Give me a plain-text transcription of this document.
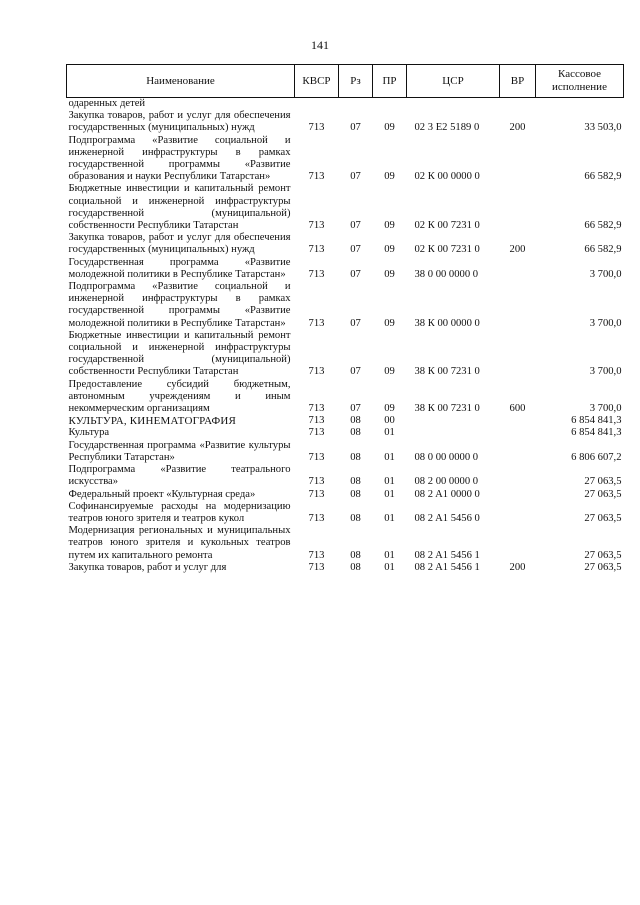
141
Наименование	КВСР	Рз	ПР	ЦСР	ВР	Кассовое исполнение
одаренных детей						
Закупка товаров, работ и услуг для обеспечения государственных (муниципальных) нужд	713	07	09	02 3 Е2 5189 0	200	33 503,0
Подпрограмма «Развитие социальной и инженерной инфраструктуры в рамках государственной программы «Развитие образования и науки Республики Татарстан»	713	07	09	02 К 00 0000 0		66 582,9
Бюджетные инвестиции и капитальный ремонт социальной и инженерной инфраструктуры государственной (муниципальной) собственности Республики Татарстан	713	07	09	02 К 00 7231 0		66 582,9
Закупка товаров, работ и услуг для обеспечения государственных (муниципальных) нужд	713	07	09	02 К 00 7231 0	200	66 582,9
Государственная программа «Развитие молодежной политики в Республике Татарстан»	713	07	09	38 0 00 0000 0		3 700,0
Подпрограмма «Развитие социальной и инженерной инфраструктуры в рамках государственной программы «Развитие молодежной политики в Республике Татарстан»	713	07	09	38 К 00 0000 0		3 700,0
Бюджетные инвестиции и капитальный ремонт социальной и инженерной инфраструктуры государственной (муниципальной) собственности Республики Татарстан	713	07	09	38 К 00 7231 0		3 700,0
Предоставление субсидий бюджетным, автономным учреждениям и иным некоммерческим организациям	713	07	09	38 К 00 7231 0	600	3 700,0
КУЛЬТУРА, КИНЕМАТОГРАФИЯ	713	08	00			6 854 841,3
Культура	713	08	01			6 854 841,3
Государственная программа «Развитие культуры Республики Татарстан»	713	08	01	08 0 00 0000 0		6 806 607,2
Подпрограмма «Развитие театрального искусства»	713	08	01	08 2 00 0000 0		27 063,5
Федеральный проект «Культурная среда»	713	08	01	08 2 A1 0000 0		27 063,5
Софинансируемые расходы на модернизацию театров юного зрителя и театров кукол	713	08	01	08 2 A1 5456 0		27 063,5
Модернизация региональных и муниципальных театров юного зрителя и кукольных театров путем их капитального ремонта	713	08	01	08 2 A1 5456 1		27 063,5
Закупка товаров, работ и услуг для	713	08	01	08 2 A1 5456 1	200	27 063,5
